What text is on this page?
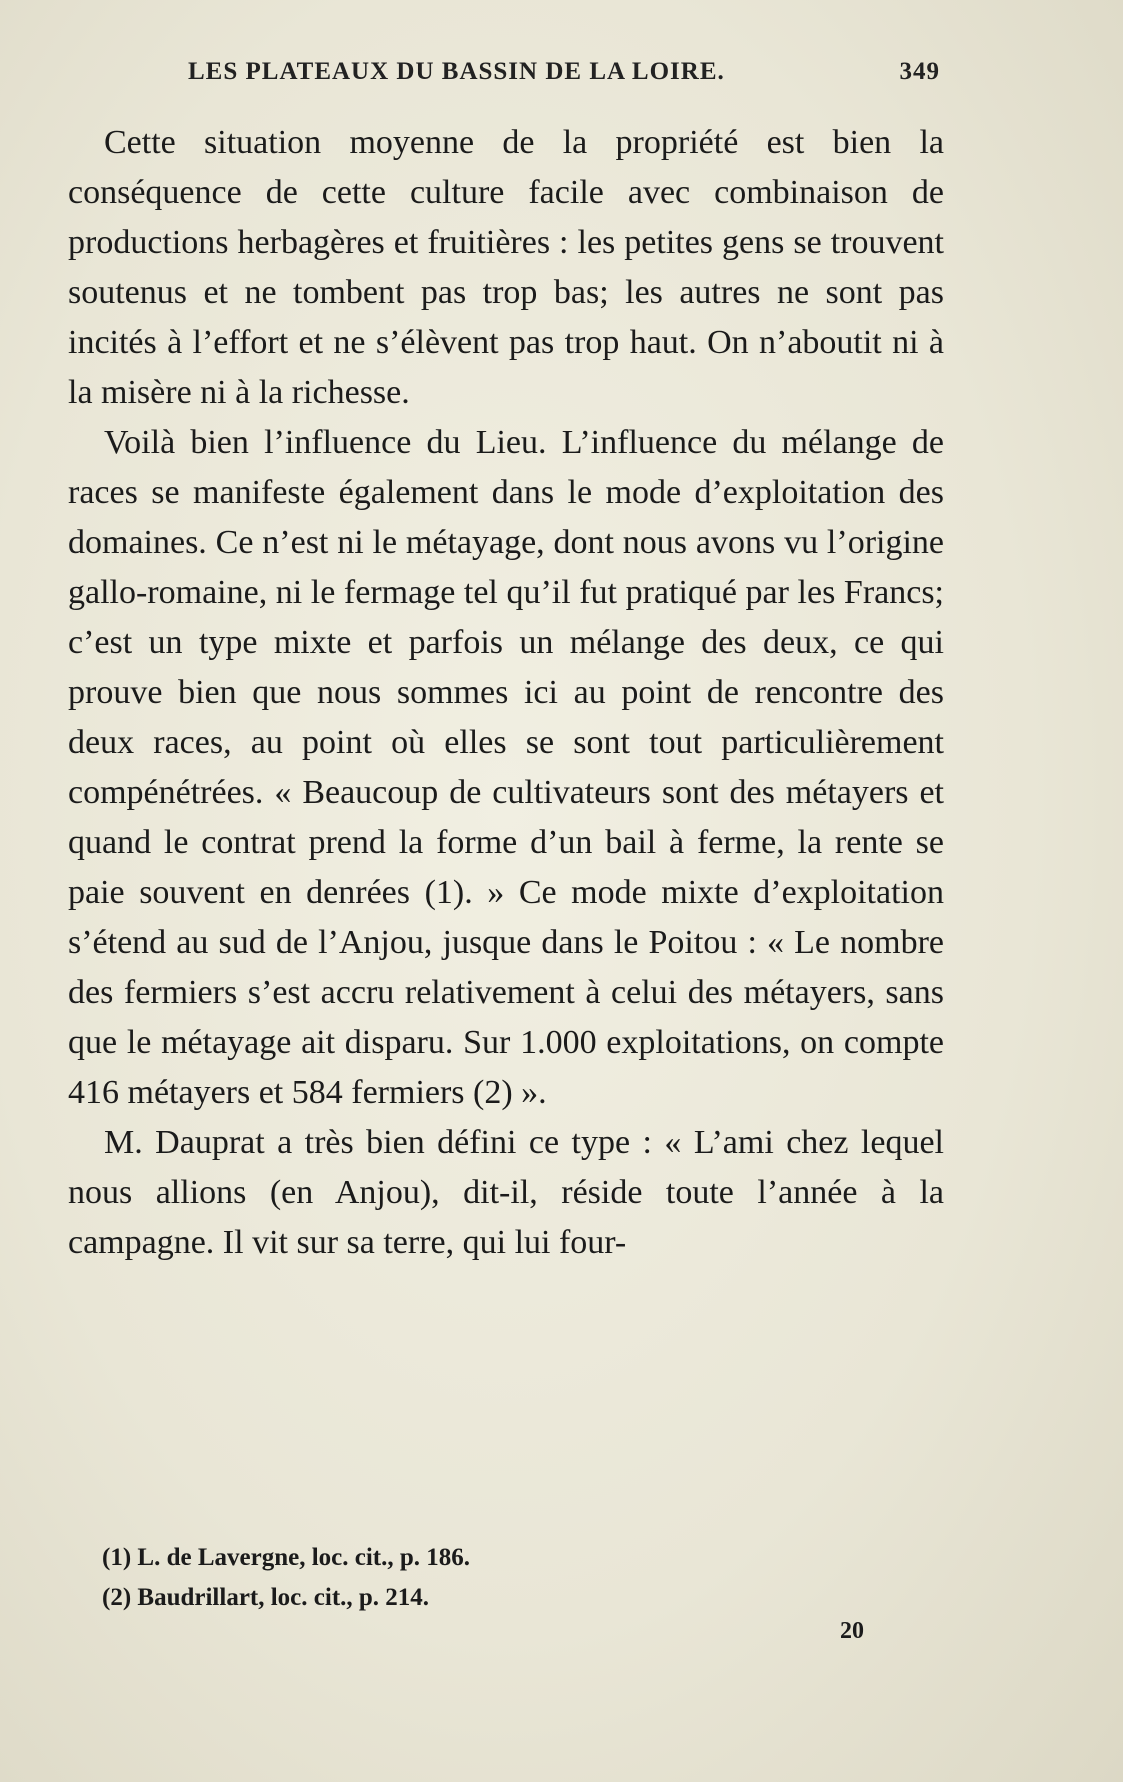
LES PLATEAUX DU BASSIN DE LA LOIRE.	349

Cette situation moyenne de la propriété est bien la conséquence de cette culture facile avec combinaison de productions herbagères et fruitières : les petites gens se trouvent soutenus et ne tombent pas trop bas; les autres ne sont pas incités à l’effort et ne s’élèvent pas trop haut. On n’aboutit ni à la misère ni à la richesse.

Voilà bien l’influence du Lieu. L’influence du mélange de races se manifeste également dans le mode d’exploitation des domaines. Ce n’est ni le métayage, dont nous avons vu l’origine gallo-romaine, ni le fermage tel qu’il fut pratiqué par les Francs; c’est un type mixte et parfois un mélange des deux, ce qui prouve bien que nous sommes ici au point de rencontre des deux races, au point où elles se sont tout particulièrement compénétrées. « Beaucoup de cultivateurs sont des métayers et quand le contrat prend la forme d’un bail à ferme, la rente se paie souvent en denrées (1). » Ce mode mixte d’exploitation s’étend au sud de l’Anjou, jusque dans le Poitou : « Le nombre des fermiers s’est accru relativement à celui des métayers, sans que le métayage ait disparu. Sur 1.000 exploitations, on compte 416 métayers et 584 fermiers (2) ».

M. Dauprat a très bien défini ce type : « L’ami chez lequel nous allions (en Anjou), dit-il, réside toute l’année à la campagne. Il vit sur sa terre, qui lui four-

(1) L. de Lavergne, loc. cit., p. 186.
(2) Baudrillart, loc. cit., p. 214.
20
